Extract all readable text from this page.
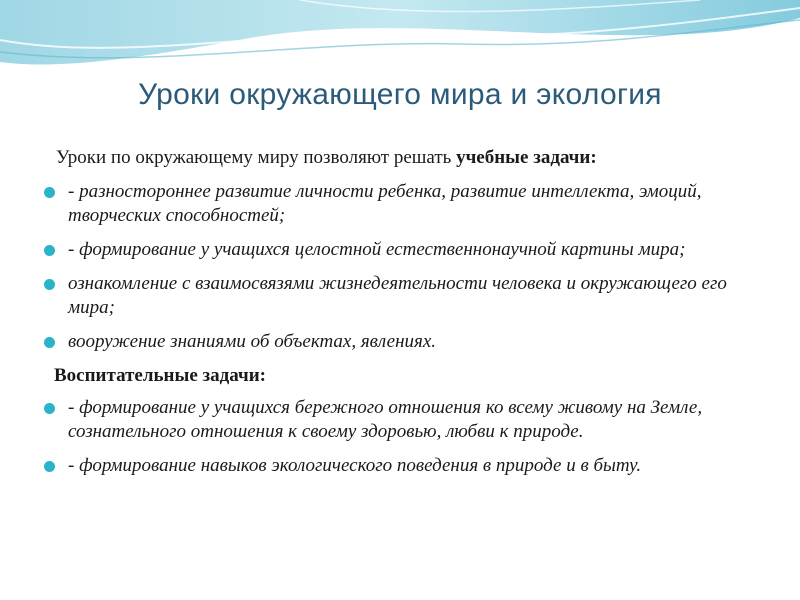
Уроки окружающего мира и экология
Уроки по окружающему миру позволяют решать учебные задачи:
- разностороннее развитие личности ребенка, развитие интеллекта, эмоций, творческих способностей;
- формирование у учащихся целостной естественнонаучной картины мира;
ознакомление с взаимосвязями жизнедеятельности человека и окружающего его мира;
вооружение знаниями об объектах, явлениях.
Воспитательные задачи:
- формирование у учащихся бережного отношения ко всему живому на Земле, сознательного отношения к своему здоровью, любви к природе.
- формирование навыков экологического поведения в природе и в быту.
